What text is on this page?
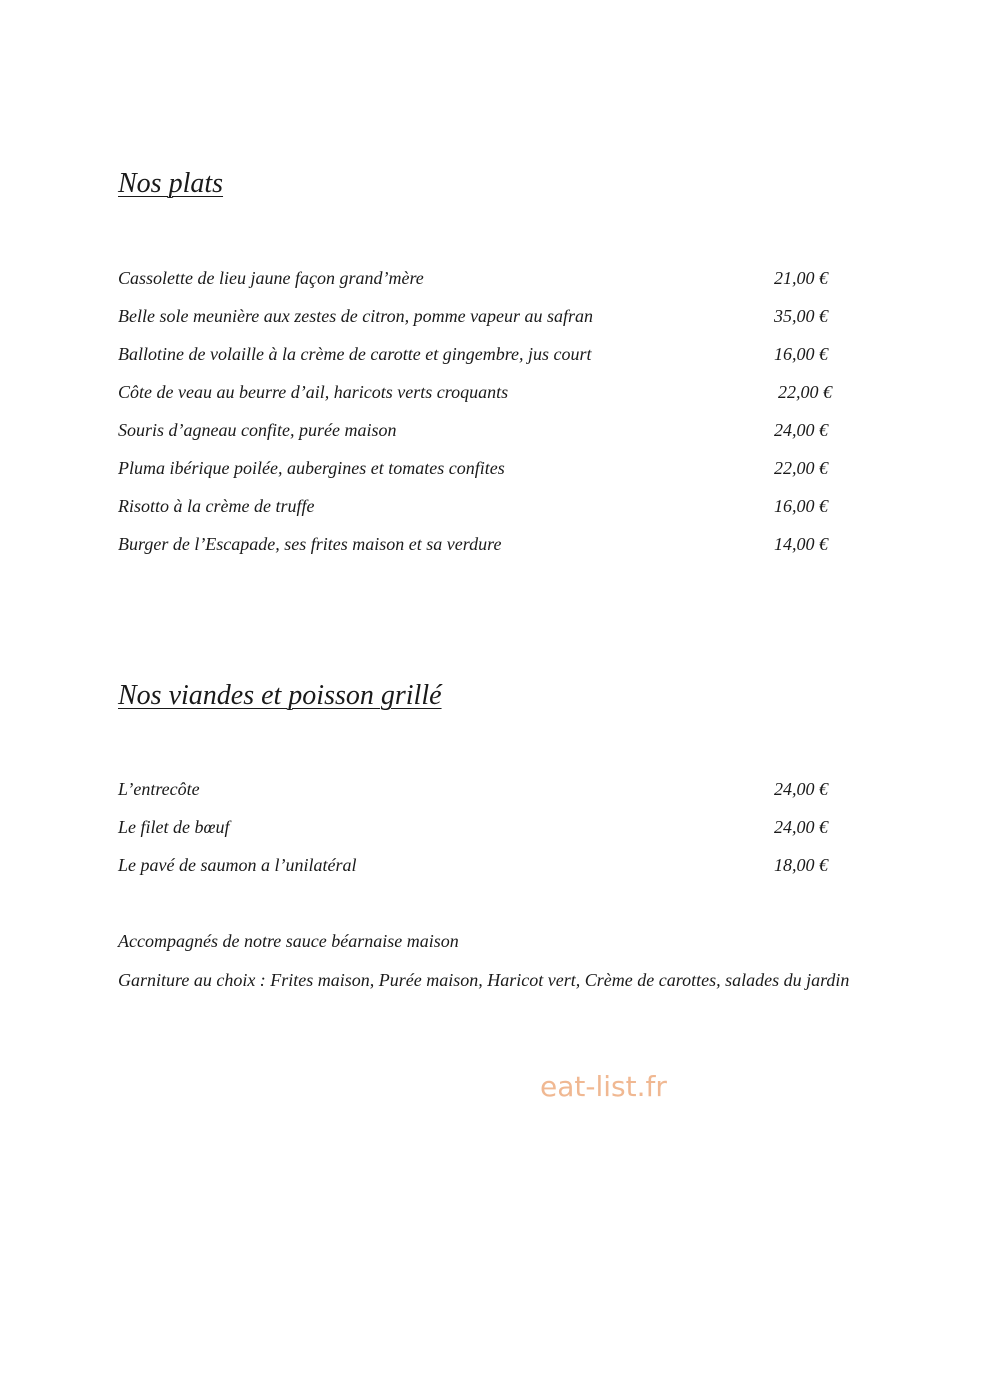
Nos plats
Cassolette de lieu jaune façon grand’mère	21,00 €
Belle sole meunière aux zestes de citron, pomme vapeur au safran	35,00 €
Ballotine de volaille à la crème de carotte et gingembre, jus court	16,00 €
Côte de veau au beurre d’ail, haricots verts croquants	22,00 €
Souris d’agneau confite, purée maison	24,00 €
Pluma ibérique poilée, aubergines et tomates confites	22,00 €
Risotto à la crème de truffe	16,00 €
Burger de l’Escapade, ses frites maison et sa verdure	14,00 €
Nos viandes et poisson grillé
L’entrecôte	24,00 €
Le filet de bœuf	24,00 €
Le pavé de saumon a l’unilatéral	18,00 €

Accompagnés de notre sauce béarnaise maison

Garniture au choix : Frites maison, Purée maison, Haricot vert, Crème de carottes, salades du jardin

eat-list.fr
